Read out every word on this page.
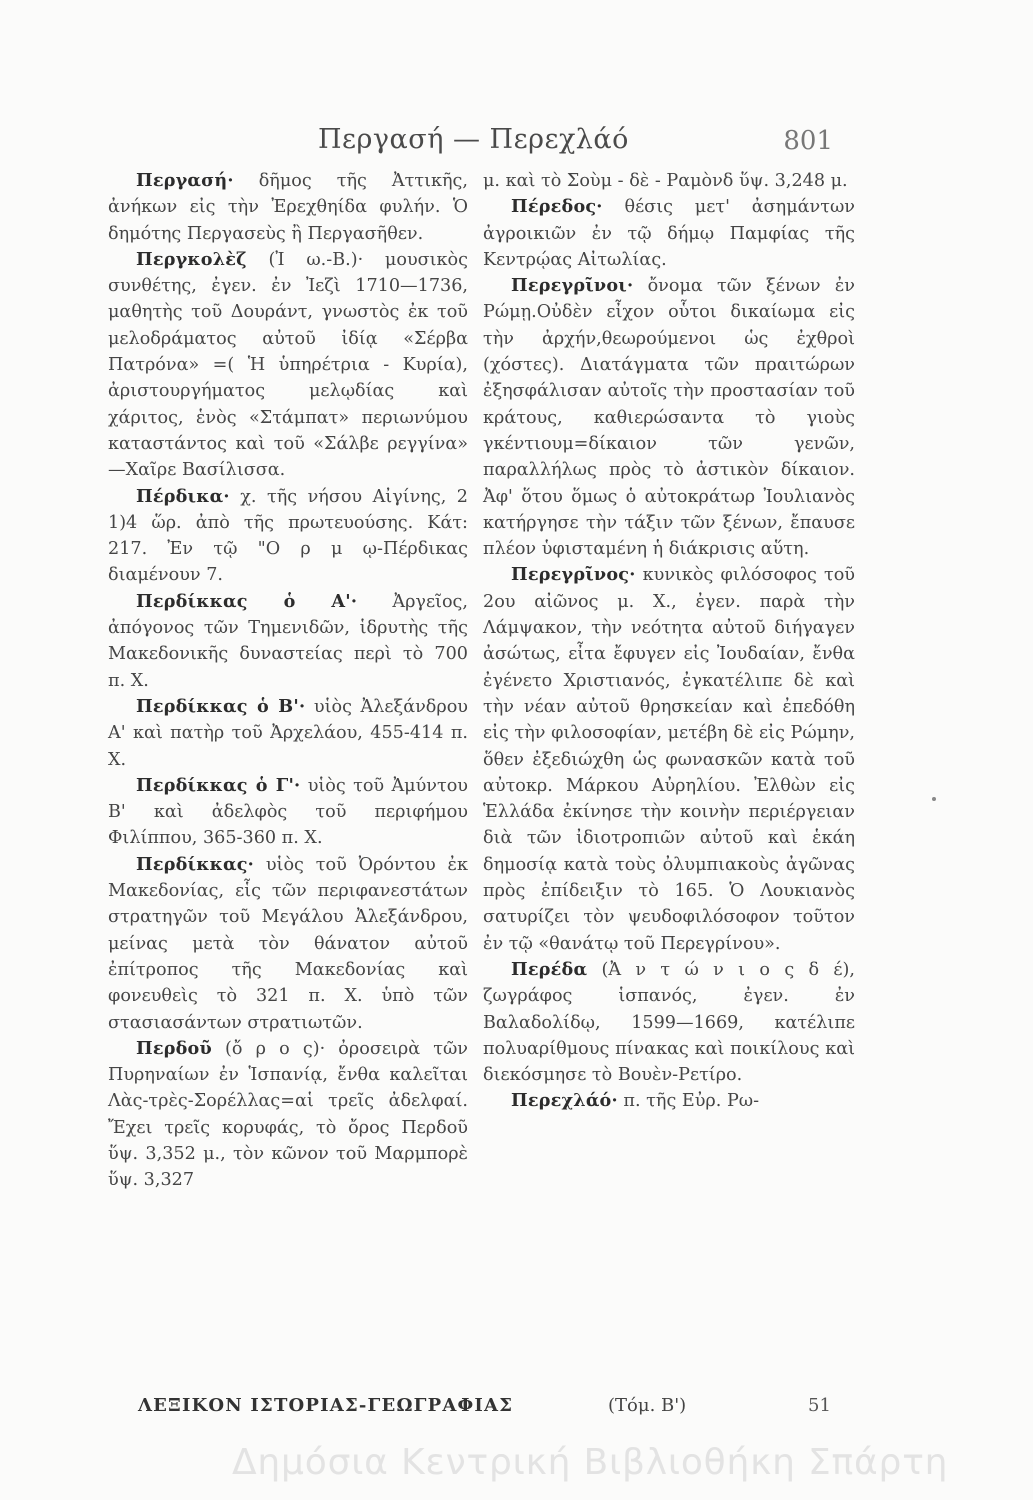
Περγασή — Περεχλάό	801

Περγασή· δῆμος τῆς Ἀττικῆς, ἀνήκων εἰς τὴν Ἐρεχθηίδα φυλήν. Ὁ δημότης Περγασεὺς ἢ Περγασῆθεν.

Περγκολὲζ (Ἰ ω.-Β.)· μουσικὸς συνθέτης, ἐγεν. ἐν Ἰεζὶ 1710—1736, μαθητὴς τοῦ Δουράντ, γνωστὸς ἐκ τοῦ μελοδράματος αὐτοῦ ἰδίᾳ «Σέρβα Πατρόνα» =( Ἡ ὑπηρέτρια - Κυρία), ἀριστουργήματος μελῳδίας καὶ χάριτος, ἑνὸς «Στάμπατ» περιωνύμου καταστάντος καὶ τοῦ «Σάλβε ρεγγίνα» —Χαῖρε Βασίλισσα.

Πέρδικα· χ. τῆς νήσου Αἰγίνης, 2 1)4 ὥρ. ἀπὸ τῆς πρωτευούσης. Κάτ: 217. Ἐν τῷ "Ο ρ μ ῳ-Πέρδικας διαμένουν 7.

Περδίκκας ὁ Α'· Ἀργεῖος, ἀπόγονος τῶν Τημενιδῶν, ἱδρυτὴς τῆς Μακεδονικῆς δυναστείας περὶ τὸ 700 π. Χ.

Περδίκκας ὁ Β'· υἱὸς Ἀλεξάνδρου Α' καὶ πατὴρ τοῦ Ἀρχελάου, 455-414 π. Χ.

Περδίκκας ὁ Γ'· υἱὸς τοῦ Ἀμύντου Β' καὶ ἀδελφὸς τοῦ περιφήμου Φιλίππου, 365-360 π. Χ.

Περδίκκας· υἱὸς τοῦ Ὀρόντου ἐκ Μακεδονίας, εἷς τῶν περιφανεστάτων στρατηγῶν τοῦ Μεγάλου Ἀλεξάνδρου, μείνας μετὰ τὸν θάνατον αὐτοῦ ἐπίτροπος τῆς Μακεδονίας καὶ φονευθεὶς τὸ 321 π. Χ. ὑπὸ τῶν στασιασάντων στρατιωτῶν.

Περδοῦ (ὄ ρ ο ς)· ὀροσειρὰ τῶν Πυρηναίων ἐν Ἱσπανίᾳ, ἔνθα καλεῖται Λὰς-τρὲς-Σορέλλας=αἱ τρεῖς ἀδελφαί. Ἔχει τρεῖς κορυφάς, τὸ ὄρος Περδοῦ ὕψ. 3,352 μ., τὸν κῶνον τοῦ Μαρμπορὲ ὕψ. 3,327

μ. καὶ τὸ Σοὺμ - δὲ - Ραμὸνδ ὕψ. 3,248 μ.

Πέρεδος· θέσις μετ' ἀσημάντων ἀγροικιῶν ἐν τῷ δήμῳ Παμφίας τῆς Κεντρῴας Αἰτωλίας.

Περεγρῖνοι· ὄνομα τῶν ξένων ἐν Ρώμῃ.Οὐδὲν εἶχον οὗτοι δικαίωμα εἰς τὴν ἀρχήν,θεωρούμενοι ὡς ἐχθροὶ (χόστες). Διατάγματα τῶν πραιτώρων ἐξησφάλισαν αὐτοῖς τὴν προστασίαν τοῦ κράτους, καθιερώσαντα τὸ γιοὺς γκέντιουμ=δίκαιον τῶν γενῶν, παραλλήλως πρὸς τὸ ἀστικὸν δίκαιον. Ἀφ' ὅτου ὅμως ὁ αὐτοκράτωρ Ἰουλιανὸς κατήργησε τὴν τάξιν τῶν ξένων, ἔπαυσε πλέον ὑφισταμένη ἡ διάκρισις αὕτη.

Περεγρῖνος· κυνικὸς φιλόσοφος τοῦ 2ου αἰῶνος μ. Χ., ἐγεν. παρὰ τὴν Λάμψακον, τὴν νεότητα αὐτοῦ διήγαγεν ἀσώτως, εἶτα ἔφυγεν εἰς Ἰουδαίαν, ἔνθα ἐγένετο Χριστιανός, ἐγκατέλιπε δὲ καὶ τὴν νέαν αὐτοῦ θρησκείαν καὶ ἐπεδόθη εἰς τὴν φιλοσοφίαν, μετέβη δὲ εἰς Ρώμην, ὅθεν ἐξεδιώχθη ὡς φωνασκῶν κατὰ τοῦ αὐτοκρ. Μάρκου Αὐρηλίου. Ἐλθὼν εἰς Ἑλλάδα ἐκίνησε τὴν κοινὴν περιέργειαν διὰ τῶν ἰδιοτροπιῶν αὐτοῦ καὶ ἑκάη δημοσίᾳ κατὰ τοὺς ὀλυμπιακοὺς ἀγῶνας πρὸς ἐπίδειξιν τὸ 165. Ὁ Λουκιανὸς σατυρίζει τὸν ψευδοφιλόσοφον τοῦτον ἐν τῷ «θανάτῳ τοῦ Περεγρίνου».

Περέδα (Ἀ ν τ ώ ν ι ο ς δ έ), ζωγράφος ἱσπανός, ἐγεν. ἐν Βαλαδολίδῳ, 1599—1669, κατέλιπε πολυαρίθμους πίνακας καὶ ποικίλους καὶ διεκόσμησε τὸ Βουὲν-Ρετίρο.

Περεχλάό· π. τῆς Εὐρ. Ρω-

ΛΕΞΙΚΟΝ ΙΣΤΟΡΙΑΣ-ΓΕΩΓΡΑΦΙΑΣ	(Τόμ. Β')	51
Δημόσια Κεντρική Βιβλιοθήκη Σπάρτη
